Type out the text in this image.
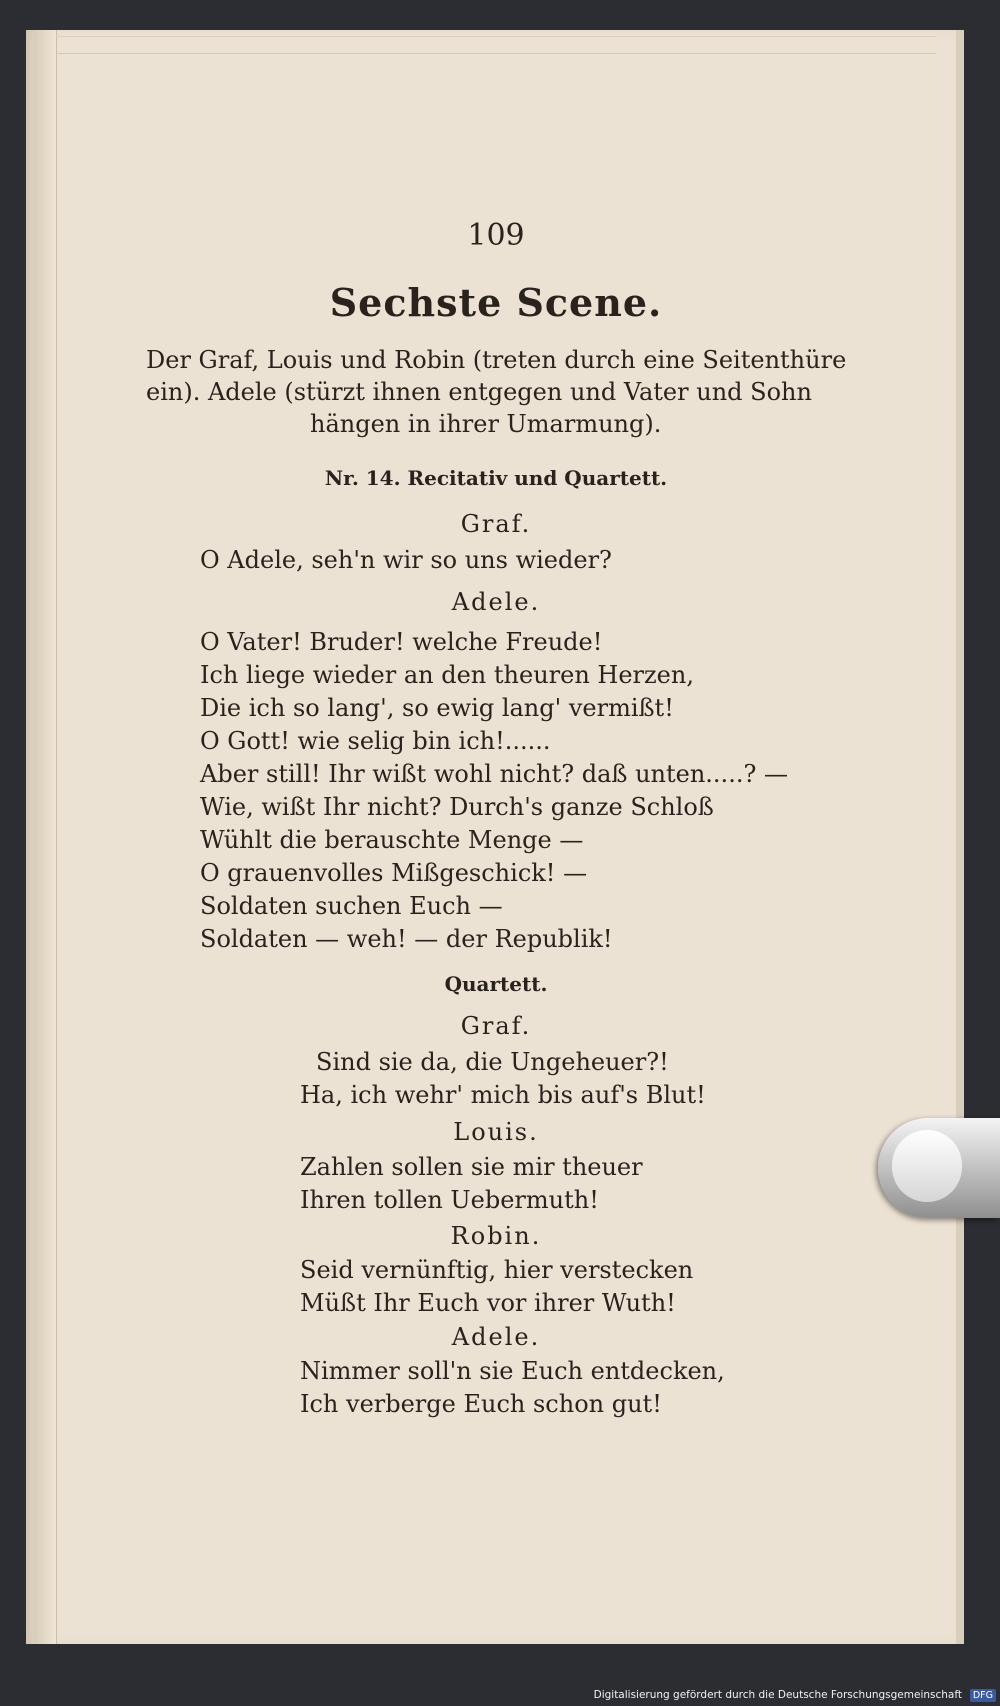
109
Sechste Scene.
Der Graf, Louis und Robin (treten durch eine Seitenthüre
ein). Adele (stürzt ihnen entgegen und Vater und Sohn
hängen in ihrer Umarmung).
Nr. 14. Recitativ und Quartett.
Graf.
O Adele, seh'n wir so uns wieder?
Adele.
O Vater! Bruder! welche Freude!
Ich liege wieder an den theuren Herzen,
Die ich so lang', so ewig lang' vermißt!
O Gott! wie selig bin ich!......
Aber still! Ihr wißt wohl nicht? daß unten.....? —
Wie, wißt Ihr nicht? Durch's ganze Schloß
Wühlt die berauschte Menge —
O grauenvolles Mißgeschick! —
Soldaten suchen Euch —
Soldaten — weh! — der Republik!
Quartett.
Graf.
Sind sie da, die Ungeheuer?!
Ha, ich wehr' mich bis auf's Blut!
Louis.
Zahlen sollen sie mir theuer
Ihren tollen Uebermuth!
Robin.
Seid vernünftig, hier verstecken
Müßt Ihr Euch vor ihrer Wuth!
Adele.
Nimmer soll'n sie Euch entdecken,
Ich verberge Euch schon gut!
Digitalisierung gefördert durch die Deutsche Forschungsgemeinschaft	DFG
